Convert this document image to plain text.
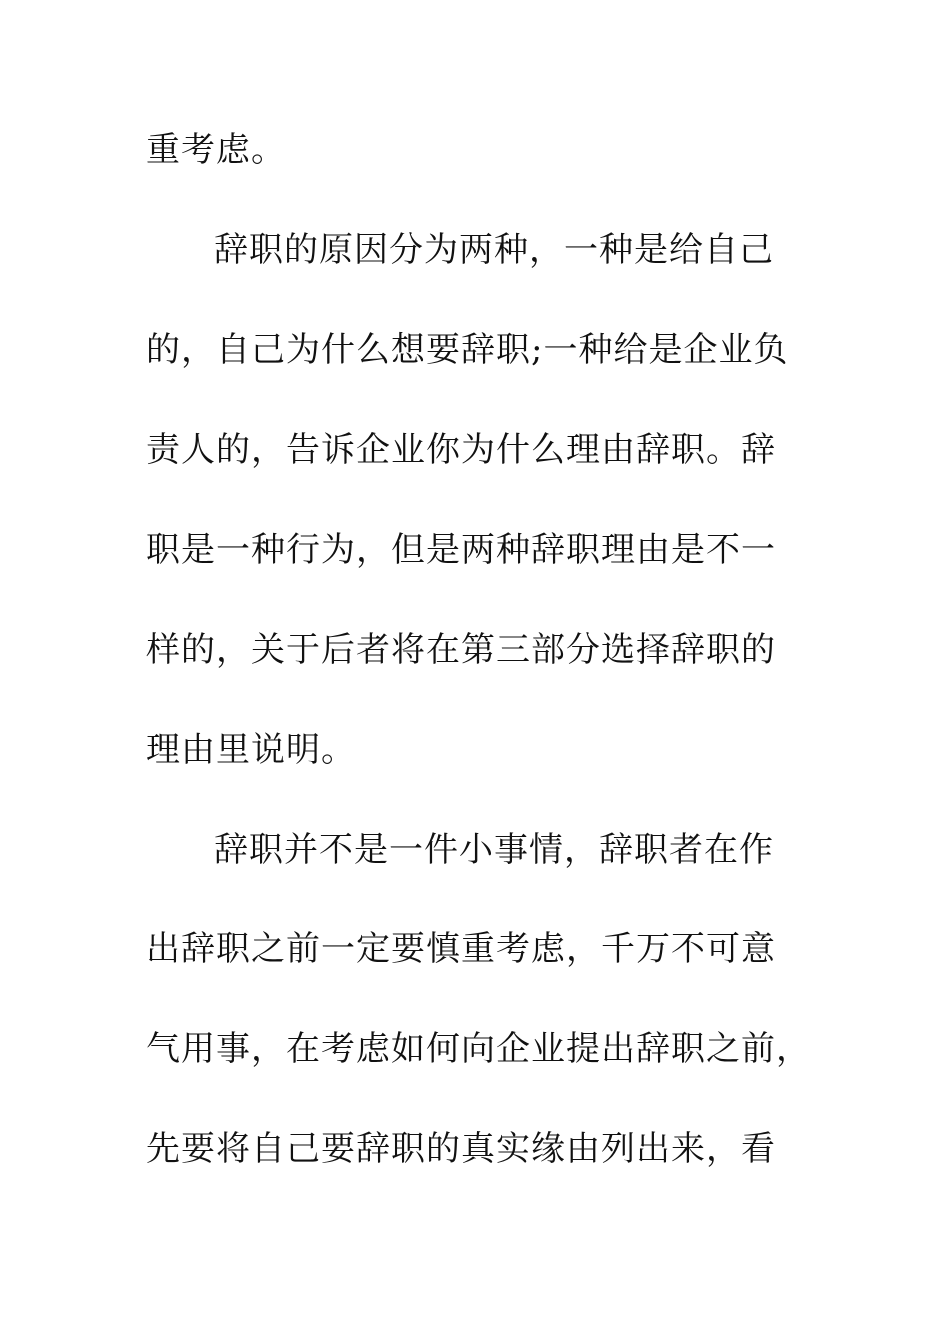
重考虑。

辞职的原因分为两种，一种是给自己

的，自己为什么想要辞职;一种给是企业负

责人的，告诉企业你为什么理由辞职。辞

职是一种行为，但是两种辞职理由是不一

样的，关于后者将在第三部分选择辞职的

理由里说明。

辞职并不是一件小事情，辞职者在作

出辞职之前一定要慎重考虑，千万不可意

气用事，在考虑如何向企业提出辞职之前，

先要将自己要辞职的真实缘由列出来，看
